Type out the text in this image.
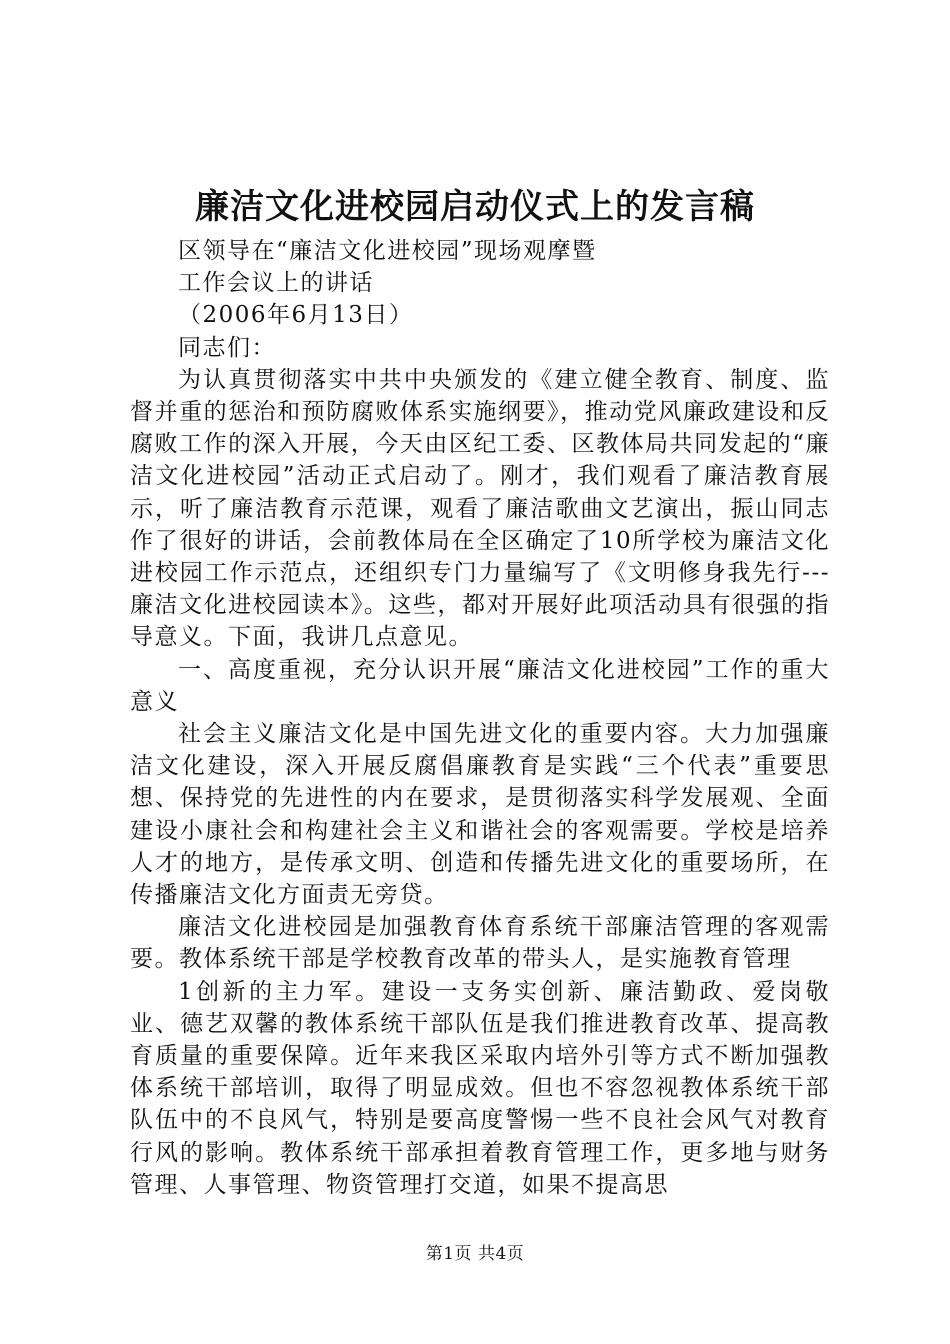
廉洁文化进校园启动仪式上的发言稿

区领导在“廉洁文化进校园”现场观摩暨

工作会议上的讲话

（2006年6月13日）

同志们：

为认真贯彻落实中共中央颁发的《建立健全教育、制度、监督并重的惩治和预防腐败体系实施纲要》，推动党风廉政建设和反腐败工作的深入开展，今天由区纪工委、区教体局共同发起的“廉洁文化进校园”活动正式启动了。刚才，我们观看了廉洁教育展示，听了廉洁教育示范课，观看了廉洁歌曲文艺演出，振山同志作了很好的讲话，会前教体局在全区确定了10所学校为廉洁文化进校园工作示范点，还组织专门力量编写了《文明修身我先行---廉洁文化进校园读本》。这些，都对开展好此项活动具有很强的指导意义。下面，我讲几点意见。

一、高度重视，充分认识开展“廉洁文化进校园”工作的重大意义

社会主义廉洁文化是中国先进文化的重要内容。大力加强廉洁文化建设，深入开展反腐倡廉教育是实践“三个代表”重要思想、保持党的先进性的内在要求，是贯彻落实科学发展观、全面建设小康社会和构建社会主义和谐社会的客观需要。学校是培养人才的地方，是传承文明、创造和传播先进文化的重要场所，在传播廉洁文化方面责无旁贷。

廉洁文化进校园是加强教育体育系统干部廉洁管理的客观需要。教体系统干部是学校教育改革的带头人，是实施教育管理

1创新的主力军。建设一支务实创新、廉洁勤政、爱岗敬业、德艺双馨的教体系统干部队伍是我们推进教育改革、提高教育质量的重要保障。近年来我区采取内培外引等方式不断加强教体系统干部培训，取得了明显成效。但也不容忽视教体系统干部队伍中的不良风气，特别是要高度警惕一些不良社会风气对教育行风的影响。教体系统干部承担着教育管理工作，更多地与财务管理、人事管理、物资管理打交道，如果不提高思

第1页 共4页
